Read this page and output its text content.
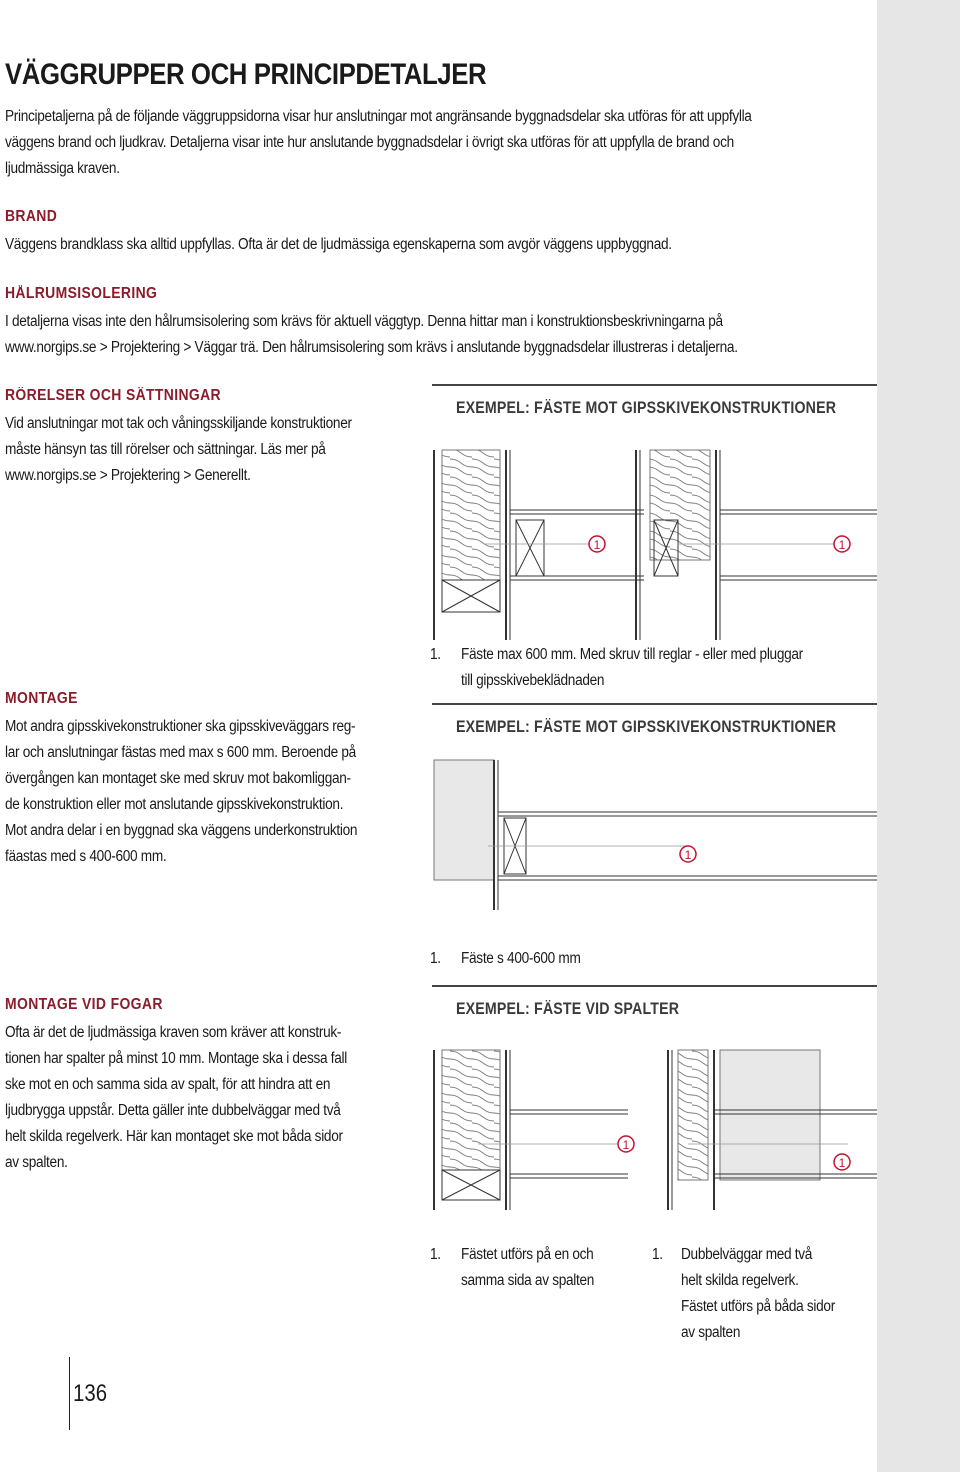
VÄGGRUPPER OCH PRINCIPDETALJER
Principetaljerna på de följande väggruppsidorna visar hur anslutningar mot angränsande byggnadsdelar ska utföras för att uppfylla
väggens brand och ljudkrav. Detaljerna visar inte hur anslutande byggnadsdelar i övrigt ska utföras för att uppfylla de brand och
ljudmässiga kraven.
BRAND
Väggens brandklass ska alltid uppfyllas. Ofta är det de ljudmässiga egenskaperna som avgör väggens uppbyggnad.
HÅLRUMSISOLERING
I detaljerna visas inte den hålrumsisolering som krävs för aktuell väggtyp. Denna hittar man i konstruktionsbeskrivningarna på
www.norgips.se > Projektering > Väggar trä. Den hålrumsisolering som krävs i anslutande byggnadsdelar illustreras i detaljerna.
RÖRELSER OCH SÄTTNINGAR
Vid anslutningar mot tak och våningsskiljande konstruktioner
måste hänsyn tas till rörelser och sättningar. Läs mer på
www.norgips.se > Projektering > Generellt.
MONTAGE
Mot andra gipsskivekonstruktioner ska gipsskiveväggars reg-
lar och anslutningar fästas med max s 600 mm. Beroende på
övergången kan montaget ske med skruv mot bakomliggan-
de konstruktion eller mot anslutande gipsskivekonstruktion.
Mot andra delar i en byggnad ska väggens underkonstruktion
fäastas med s 400-600 mm.
MONTAGE VID FOGAR
Ofta är det de ljudmässiga kraven som kräver att konstruk-
tionen har spalter på minst 10 mm. Montage ska i dessa fall
ske mot en och samma sida av spalt, för att hindra att en
ljudbrygga uppstår. Detta gäller inte dubbelväggar med två
helt skilda regelverk. Här kan montaget ske mot båda sidor
av spalten.
EXEMPEL: FÄSTE MOT GIPSSKIVEKONSTRUKTIONER
1	1
1. Fäste max 600 mm. Med skruv till reglar - eller med pluggar
till gipsskivebeklädnaden
EXEMPEL: FÄSTE MOT GIPSSKIVEKONSTRUKTIONER
1
1. Fäste s 400-600 mm
EXEMPEL: FÄSTE VID SPALTER
1
1
1. Fästet utförs på en och
samma sida av spalten
1. Dubbelväggar med två
helt skilda regelverk.
Fästet utförs på båda sidor
av spalten
136
